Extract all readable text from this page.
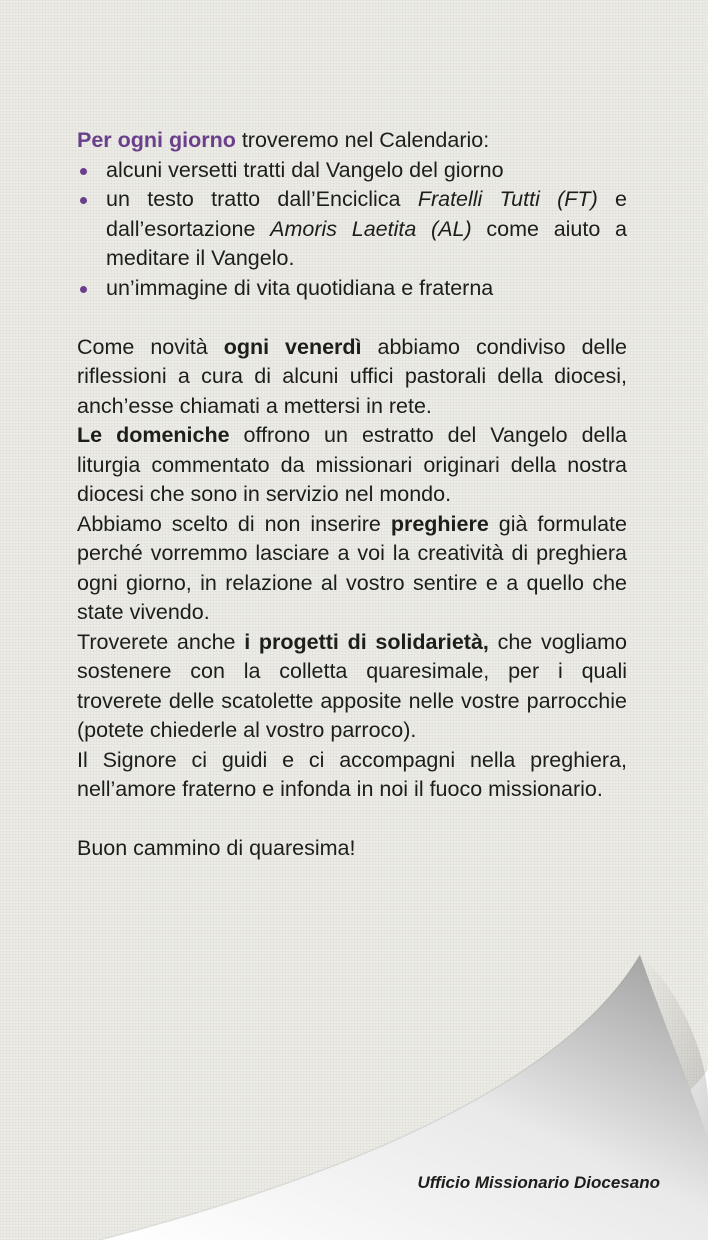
Per ogni giorno troveremo nel Calendario:

alcuni versetti tratti dal Vangelo del giorno
un testo tratto dall’Enciclica Fratelli Tutti (FT) e dall’esortazione Amoris Laetita (AL) come aiuto a meditare il Vangelo.
un’immagine di vita quotidiana e fraterna

Come novità ogni venerdì abbiamo condiviso delle riflessioni a cura di alcuni uffici pastorali della diocesi, anch’esse chiamati a mettersi in rete.

Le domeniche offrono un estratto del Vangelo della liturgia commentato da missionari originari della nostra diocesi che sono in servizio nel mondo.

Abbiamo scelto di non inserire preghiere già formulate perché vorremmo lasciare a voi la creatività di preghiera ogni giorno, in relazione al vostro sentire e a quello che state vivendo.

Troverete anche i progetti di solidarietà, che vogliamo sostenere con la colletta quaresimale, per i quali troverete delle scatolette apposite nelle vostre parrocchie (potete chiederle al vostro parroco).

Il Signore ci guidi e ci accompagni nella preghiera, nell’amore fraterno e infonda in noi il fuoco missionario.

Buon cammino di quaresima!

Ufficio Missionario Diocesano
